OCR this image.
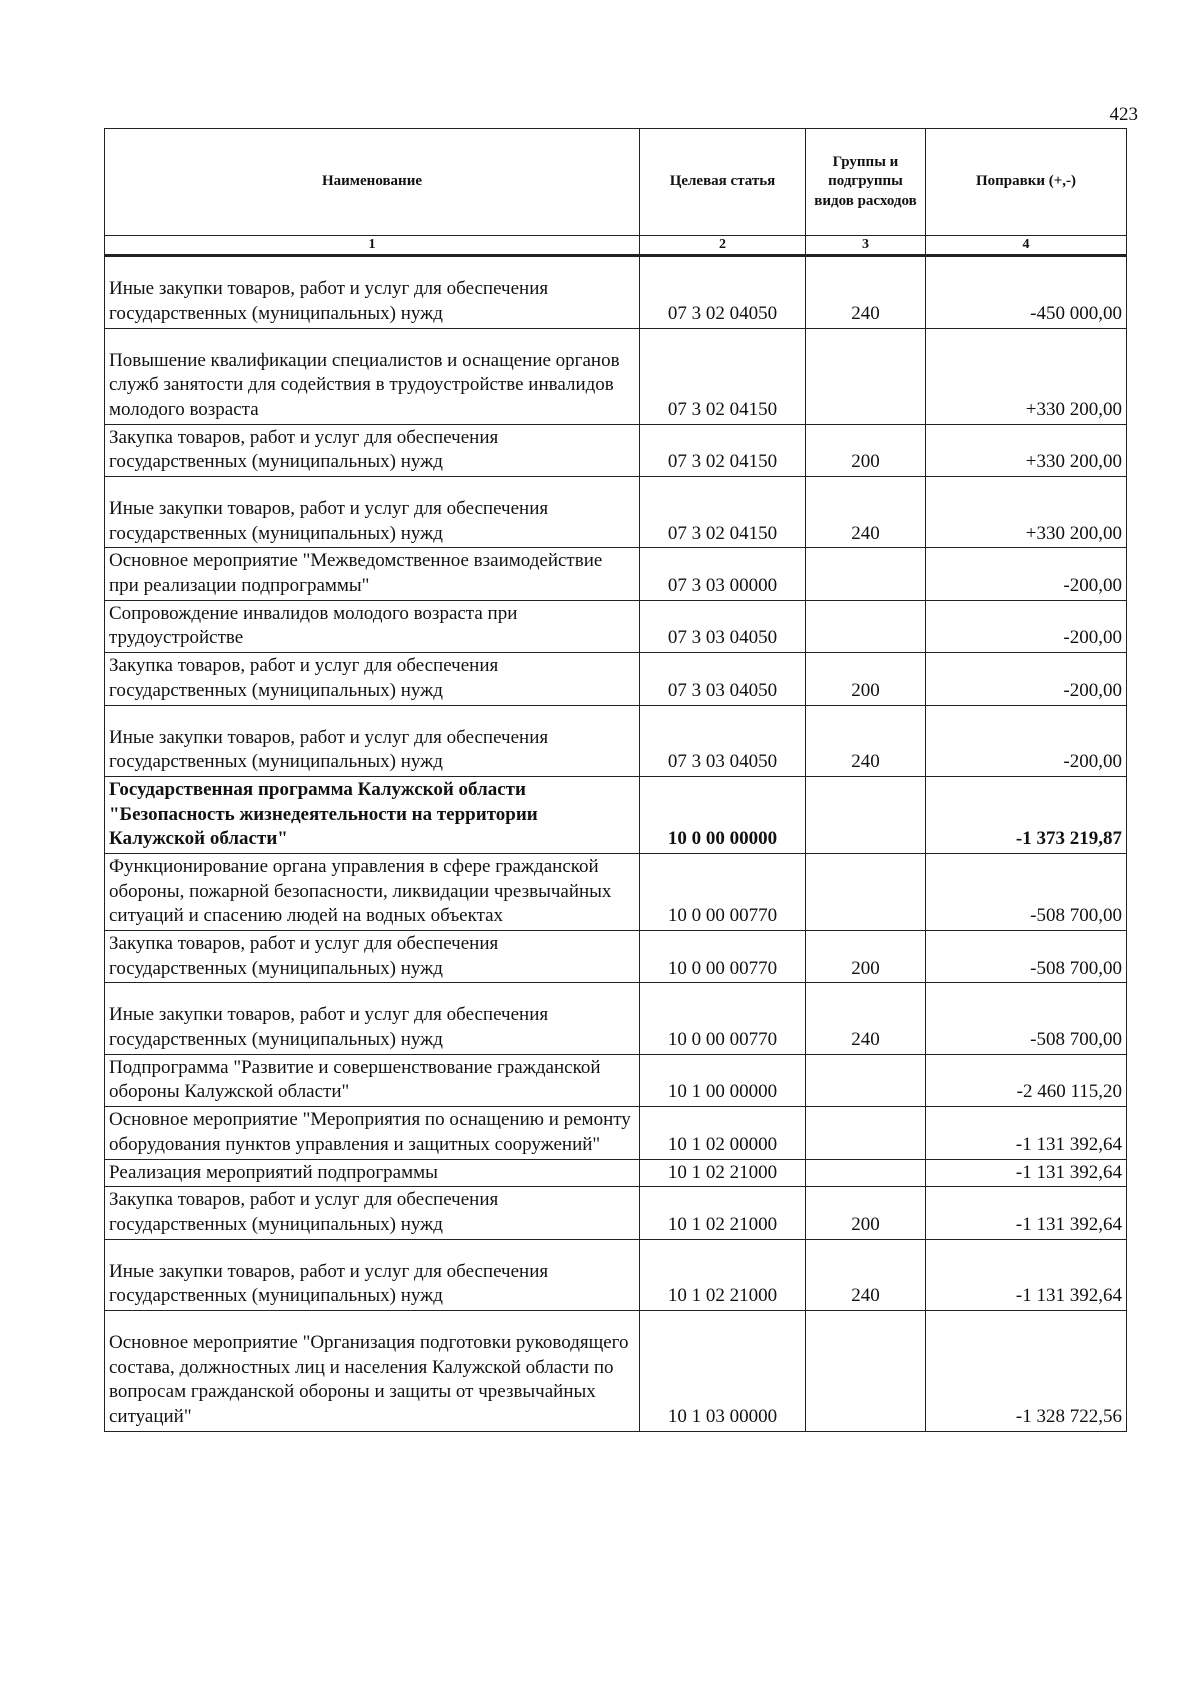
423
Наименование	Целевая статья	Группы и подгруппы видов расходов	Поправки (+,-)
1	2	3	4
Иные закупки товаров, работ и услуг для обеспечения государственных (муниципальных) нужд	07 3 02 04050	240	-450 000,00
Повышение квалификации специалистов и оснащение органов служб занятости для содействия в трудоустройстве инвалидов молодого возраста	07 3 02 04150		+330 200,00
Закупка товаров, работ и услуг для обеспечения государственных (муниципальных) нужд	07 3 02 04150	200	+330 200,00
Иные закупки товаров, работ и услуг для обеспечения государственных (муниципальных) нужд	07 3 02 04150	240	+330 200,00
Основное мероприятие "Межведомственное взаимодействие при реализации подпрограммы"	07 3 03 00000		-200,00
Сопровождение инвалидов молодого возраста при трудоустройстве	07 3 03 04050		-200,00
Закупка товаров, работ и услуг для обеспечения государственных (муниципальных) нужд	07 3 03 04050	200	-200,00
Иные закупки товаров, работ и услуг для обеспечения государственных (муниципальных) нужд	07 3 03 04050	240	-200,00
Государственная программа Калужской области "Безопасность жизнедеятельности на территории Калужской области"	10 0 00 00000		-1 373 219,87
Функционирование органа управления в сфере гражданской обороны, пожарной безопасности, ликвидации чрезвычайных ситуаций и спасению людей на водных объектах	10 0 00 00770		-508 700,00
Закупка товаров, работ и услуг для обеспечения государственных (муниципальных) нужд	10 0 00 00770	200	-508 700,00
Иные закупки товаров, работ и услуг для обеспечения государственных (муниципальных) нужд	10 0 00 00770	240	-508 700,00
Подпрограмма "Развитие и совершенствование гражданской обороны Калужской области"	10 1 00 00000		-2 460 115,20
Основное мероприятие "Мероприятия по оснащению и ремонту оборудования пунктов управления и защитных сооружений"	10 1 02 00000		-1 131 392,64
Реализация мероприятий подпрограммы	10 1 02 21000		-1 131 392,64
Закупка товаров, работ и услуг для обеспечения государственных (муниципальных) нужд	10 1 02 21000	200	-1 131 392,64
Иные закупки товаров, работ и услуг для обеспечения государственных (муниципальных) нужд	10 1 02 21000	240	-1 131 392,64
Основное мероприятие "Организация подготовки руководящего состава, должностных лиц и населения Калужской области по вопросам гражданской обороны и защиты от чрезвычайных ситуаций"	10 1 03 00000		-1 328 722,56
